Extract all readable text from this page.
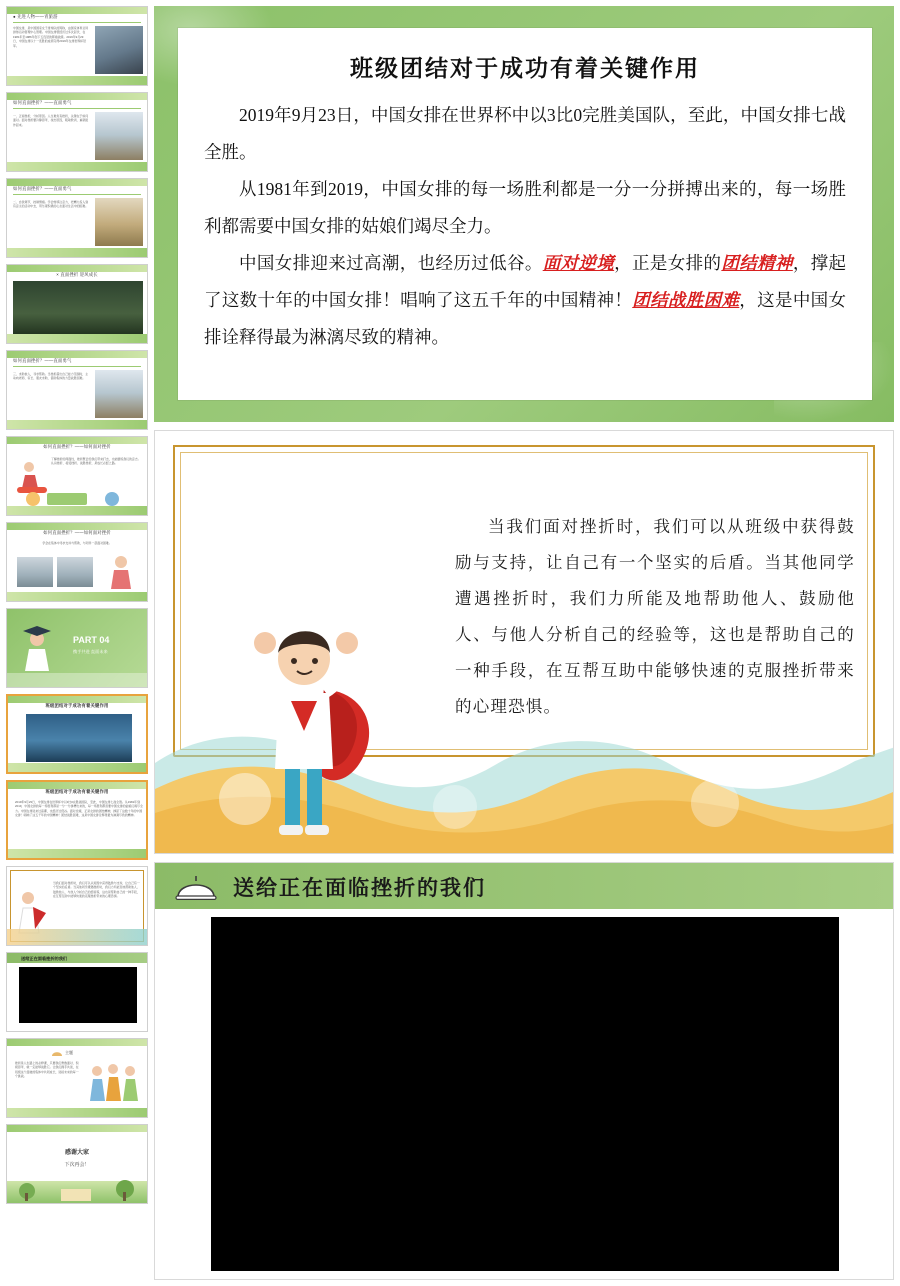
● 先进人物——青旅游
中国女排，是中国国家女子排球队的简称，由国家体育总局排球运动管理中心管理。中国女排曾经历过多次起伏，在1981年至1986年创下五连冠的辉煌战绩。2019年9月29日，中国女排以十一连胜的成绩夺得2019年女排世界杯冠军。
如何直面挫折？——直面勇气
一、正视挫折，分析原因。人生难免有挫折，关键在于如何面对。面对挫折要冷静思考，找出原因，吸取教训，重新振作起来。
如何直面挫折？——直面勇气
二、自我调节，控制情绪。学会转移注意力，把精力投入到有意义的活动中去，用乐观积极的心态面对生活中的困难。
× 直面挫折 迎风成长
如何直面挫折？——直面勇气
三、求助他人，寻求帮助。当挫折超出自己能力范围时，主动向老师、家长、朋友求助，借助集体的力量战胜困难。
如何直面挫折？——如何面对挫折
了解挫折的两面性，挫折既会给我们带来打击，也能磨练我们的意志。认识挫折、接受挫折、战胜挫折，是成长必经之路。
如何直面挫折？——如何面对挫折
学会在集体中寻求支持与帮助，与同伴一起面对困难。
PART 04
携手共进 直面未来
班级团结对于成功有着关键作用
班级团结对于成功有着关键作用
2019年9月23日，中国女排在世界杯中以3比0完胜美国队，至此，中国女排七战全胜。从1981年到2019，中国女排的每一场胜利都是一分一分拼搏出来的，每一场胜利都需要中国女排的姑娘们竭尽全力。中国女排迎来过高潮，也经历过低谷。面对逆境，正是女排的团结精神，撑起了这数十年的中国女排！唱响了这五千年的中国精神！团结战胜困难，这是中国女排诠释得最为淋漓尽致的精神。
当我们面对挫折时，我们可以从班级中获得鼓励与支持，让自己有一个坚实的后盾。当其他同学遭遇挫折时，我们力所能及地帮助他人、鼓励他人、与他人分析自己的经验等，这也是帮助自己的一种手段，在互帮互助中能够快速的克服挫折带来的心理恐惧。
送给正在面临挫折的我们
主题
挫折是人生路上的必修课，只要我们勇敢面对、积极思考，就一定能够战胜它。让我们携手共进，在班级这个温暖的集体中共同成长，迎接未来的每一个挑战。
感谢大家
下次再会！
班级团结对于成功有着关键作用

2019年9月23日，中国女排在世界杯中以3比0完胜美国队，至此，中国女排七战全胜。

从1981年到2019，中国女排的每一场胜利都是一分一分拼搏出来的，每一场胜利都需要中国女排的姑娘们竭尽全力。

中国女排迎来过高潮，也经历过低谷。面对逆境，正是女排的团结精神，撑起了这数十年的中国女排！唱响了这五千年的中国精神！团结战胜困难，这是中国女排诠释得最为淋漓尽致的精神。

当我们面对挫折时，我们可以从班级中获得鼓励与支持，让自己有一个坚实的后盾。当其他同学遭遇挫折时，我们力所能及地帮助他人、鼓励他人、与他人分析自己的经验等，这也是帮助自己的一种手段，在互帮互助中能够快速的克服挫折带来的心理恐惧。
送给正在面临挫折的我们
